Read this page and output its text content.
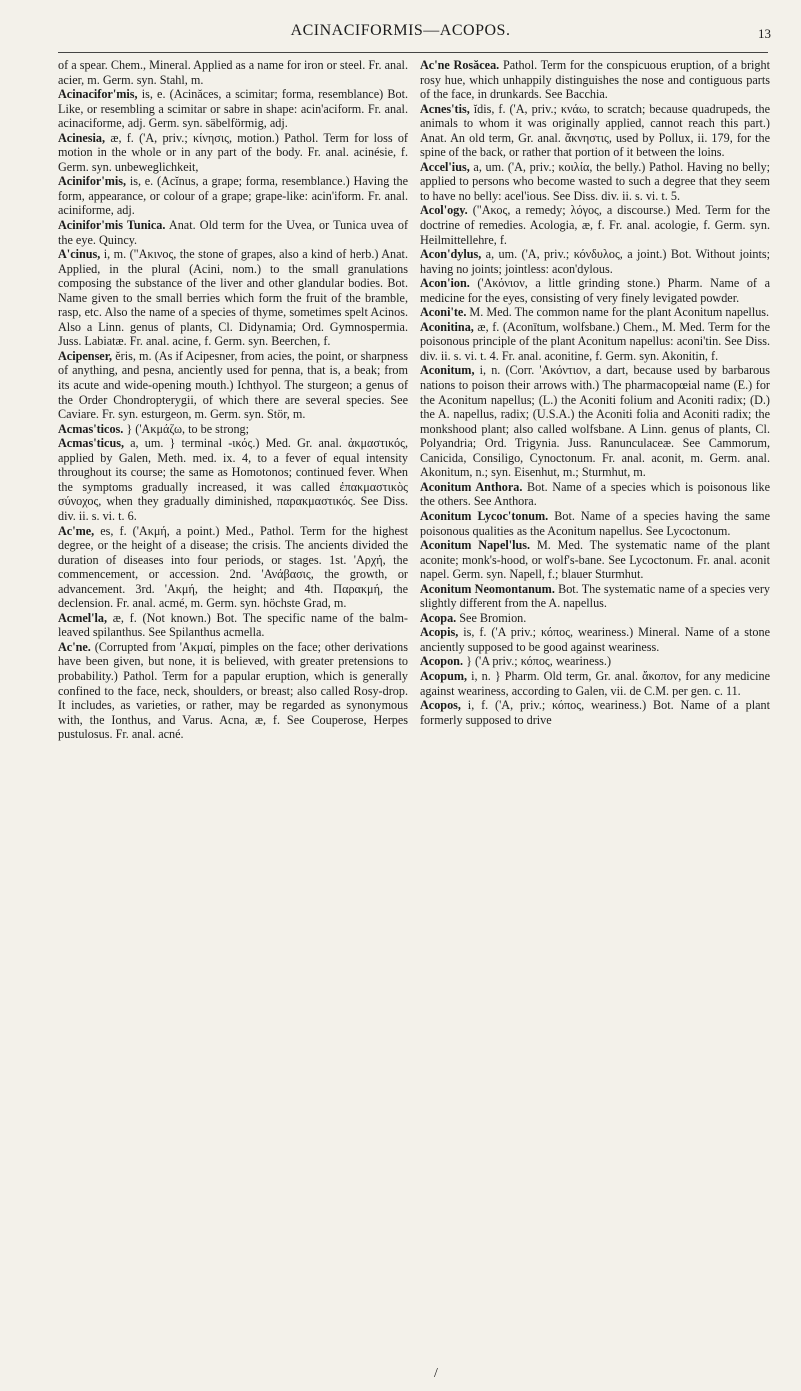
ACINACIFORMIS—ACOPOS.	13
of a spear. Chem., Mineral. Applied as a name for iron or steel. Fr. anal. acier, m. Germ. syn. Stahl, m.
Acinacifor'mis, is, e. (Acinăces, a scimitar; forma, resemblance) Bot. Like, or resembling a scimitar or sabre in shape: acin'aciform. Fr. anal. acinaciforme, adj. Germ. syn. säbelförmig, adj.
Acinesia, æ, f. ('A, priv.; κίνησις, motion.) Pathol. Term for loss of motion in the whole or in any part of the body. Fr. anal. acinésie, f. Germ. syn. unbeweglichkeit,
Acinifor'mis, is, e. (Acĭnus, a grape; forma, resemblance.) Having the form, appearance, or colour of a grape; grape-like: acin'iform. Fr. anal. aciniforme, adj.
Acinifor'mis Tunica. Anat. Old term for the Uvea, or Tunica uvea of the eye. Quincy.
A'cinus, i, m. ("Ακινος, the stone of grapes, also a kind of herb.) Anat. Applied, in the plural (Acini, nom.) to the small granulations composing the substance of the liver and other glandular bodies. Bot. Name given to the small berries which form the fruit of the bramble, rasp, etc. Also the name of a species of thyme, sometimes spelt Acinos. Also a Linn. genus of plants, Cl. Didynamia; Ord. Gymnospermia. Juss. Labiatæ. Fr. anal. acine, f. Germ. syn. Beerchen, f.
Acipenser, ĕris, m. (As if Acipesner, from acies, the point, or sharpness of anything, and pesna, anciently used for penna, that is, a beak; from its acute and wide-opening mouth.) Ichthyol. The sturgeon; a genus of the Order Chondropterygii, of which there are several species. See Caviare. Fr. syn. esturgeon, m. Germ. syn. Stör, m.
Acmas'ticos. } ('Ακμάζω, to be strong;
Acmas'ticus, a, um. } terminal -ικός.) Med. Gr. anal. ἀκμαστικός, applied by Galen, Meth. med. ix. 4, to a fever of equal intensity throughout its course; the same as Homotonos; continued fever. When the symptoms gradually increased, it was called ἐπακμαστικὸς σύνοχος, when they gradually diminished, παρακμαστικός. See Diss. div. ii. s. vi. t. 6.
Ac'me, es, f. ('Ακμή, a point.) Med., Pathol. Term for the highest degree, or the height of a disease; the crisis. The ancients divided the duration of diseases into four periods, or stages. 1st. 'Αρχή, the commencement, or accession. 2nd. 'Ανάβασις, the growth, or advancement. 3rd. 'Ακμή, the height; and 4th. Παρακμή, the declension. Fr. anal. acmé, m. Germ. syn. höchste Grad, m.
Acmel'la, æ, f. (Not known.) Bot. The specific name of the balm-leaved spilanthus. See Spilanthus acmella.
Ac'ne. (Corrupted from 'Ακμαί, pimples on the face; other derivations have been given, but none, it is believed, with greater pretensions to probability.) Pathol. Term for a papular eruption, which is generally confined to the face, neck, shoulders, or breast; also called Rosy-drop. It includes, as varieties, or rather, may be regarded as synonymous with, the Ionthus, and Varus. Acna, æ, f. See Couperose, Herpes pustulosus. Fr. anal. acné.
Ac'ne Rosăcea. Pathol. Term for the conspicuous eruption, of a bright rosy hue, which unhappily distinguishes the nose and contiguous parts of the face, in drunkards. See Bacchia.
Acnes'tis, ĭdis, f. ('A, priv.; κνάω, to scratch; because quadrupeds, the animals to whom it was originally applied, cannot reach this part.) Anat. An old term, Gr. anal. ἄκνηστις, used by Pollux, ii. 179, for the spine of the back, or rather that portion of it between the loins.
Accel'ius, a, um. ('A, priv.; κοιλία, the belly.) Pathol. Having no belly; applied to persons who become wasted to such a degree that they seem to have no belly: acel'ious. See Diss. div. ii. s. vi. t. 5.
Acol'ogy. ("Ακος, a remedy; λόγος, a discourse.) Med. Term for the doctrine of remedies. Acologia, æ, f. Fr. anal. acologie, f. Germ. syn. Heilmittellehre, f.
Acon'dylus, a, um. ('A, priv.; κόνδυλος, a joint.) Bot. Without joints; having no joints; jointless: acon'dylous.
Acon'ion. ('Ακόνιον, a little grinding stone.) Pharm. Name of a medicine for the eyes, consisting of very finely levigated powder.
Aconi'te. M. Med. The common name for the plant Aconitum napellus.
Aconitina, æ, f. (Aconītum, wolfsbane.) Chem., M. Med. Term for the poisonous principle of the plant Aconitum napellus: aconi'tin. See Diss. div. ii. s. vi. t. 4. Fr. anal. aconitine, f. Germ. syn. Akonitin, f.
Aconitum, i, n. (Corr. 'Ακόντιον, a dart, because used by barbarous nations to poison their arrows with.) The pharmacopœial name (E.) for the Aconitum napellus; (L.) the Aconiti folium and Aconiti radix; (D.) the A. napellus, radix; (U.S.A.) the Aconiti folia and Aconiti radix; the monkshood plant; also called wolfsbane. A Linn. genus of plants, Cl. Polyandria; Ord. Trigynia. Juss. Ranunculaceæ. See Cammorum, Canicida, Consiligo, Cynoctonum. Fr. anal. aconit, m. Germ. anal. Akonitum, n.; syn. Eisenhut, m.; Sturmhut, m.
Aconitum Anthora. Bot. Name of a species which is poisonous like the others. See Anthora.
Aconitum Lycoc'tonum. Bot. Name of a species having the same poisonous qualities as the Aconitum napellus. See Lycoctonum.
Aconitum Napel'lus. M. Med. The systematic name of the plant aconite; monk's-hood, or wolf's-bane. See Lycoctonum. Fr. anal. aconit napel. Germ. syn. Napell, f.; blauer Sturmhut.
Aconitum Neomontanum. Bot. The systematic name of a species very slightly different from the A. napellus.
Acopa. See Bromion.
Acopis, is, f. ('A priv.; κόπος, weariness.) Mineral. Name of a stone anciently supposed to be good against weariness.
Acopon. } ('A priv.; κόπος, weariness.)
Acopum, i, n. } Pharm. Old term, Gr. anal. ἄκοπον, for any medicine against weariness, according to Galen, vii. de C.M. per gen. c. 11.
Acopos, i, f. ('A, priv.; κόπος, weariness.) Bot. Name of a plant formerly supposed to drive
/
